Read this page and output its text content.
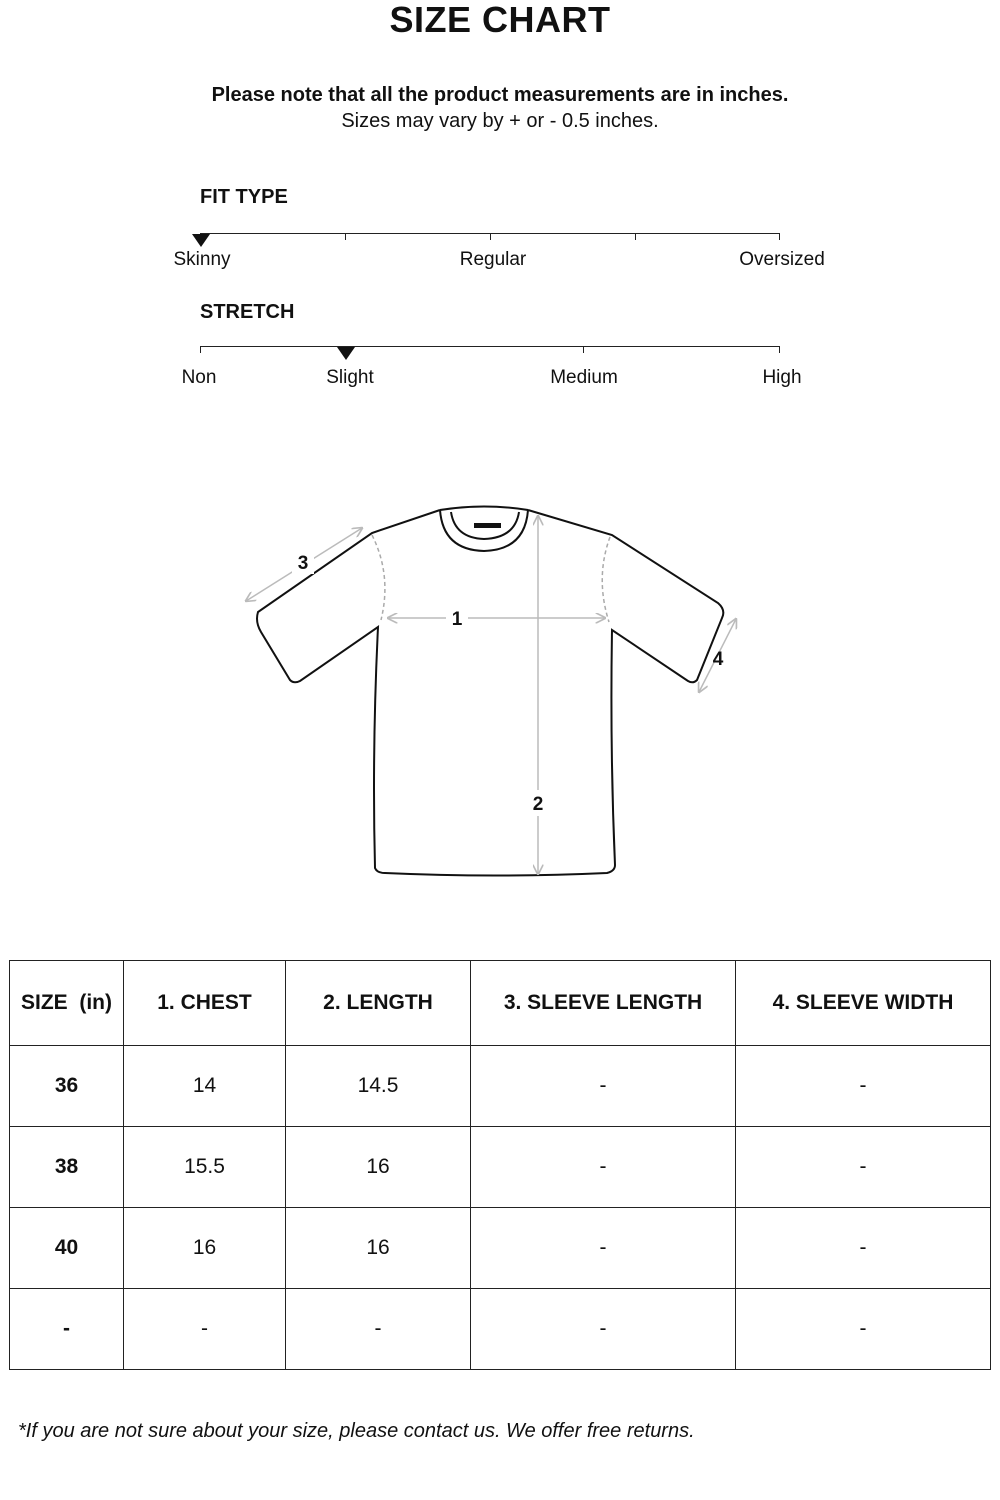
SIZE CHART
Please note that all the product measurements are in inches.
Sizes may vary by + or - 0.5 inches.
FIT TYPE
Skinny	Regular	Oversized
STRETCH
Non	Slight	Medium	High
1
2
3
4
SIZE  (in)	1. CHEST	2. LENGTH	3. SLEEVE LENGTH	4. SLEEVE WIDTH
36	14	14.5	-	-
38	15.5	16	-	-
40	16	16	-	-
-	-	-	-	-
*If you are not sure about your size, please contact us. We offer free returns.
